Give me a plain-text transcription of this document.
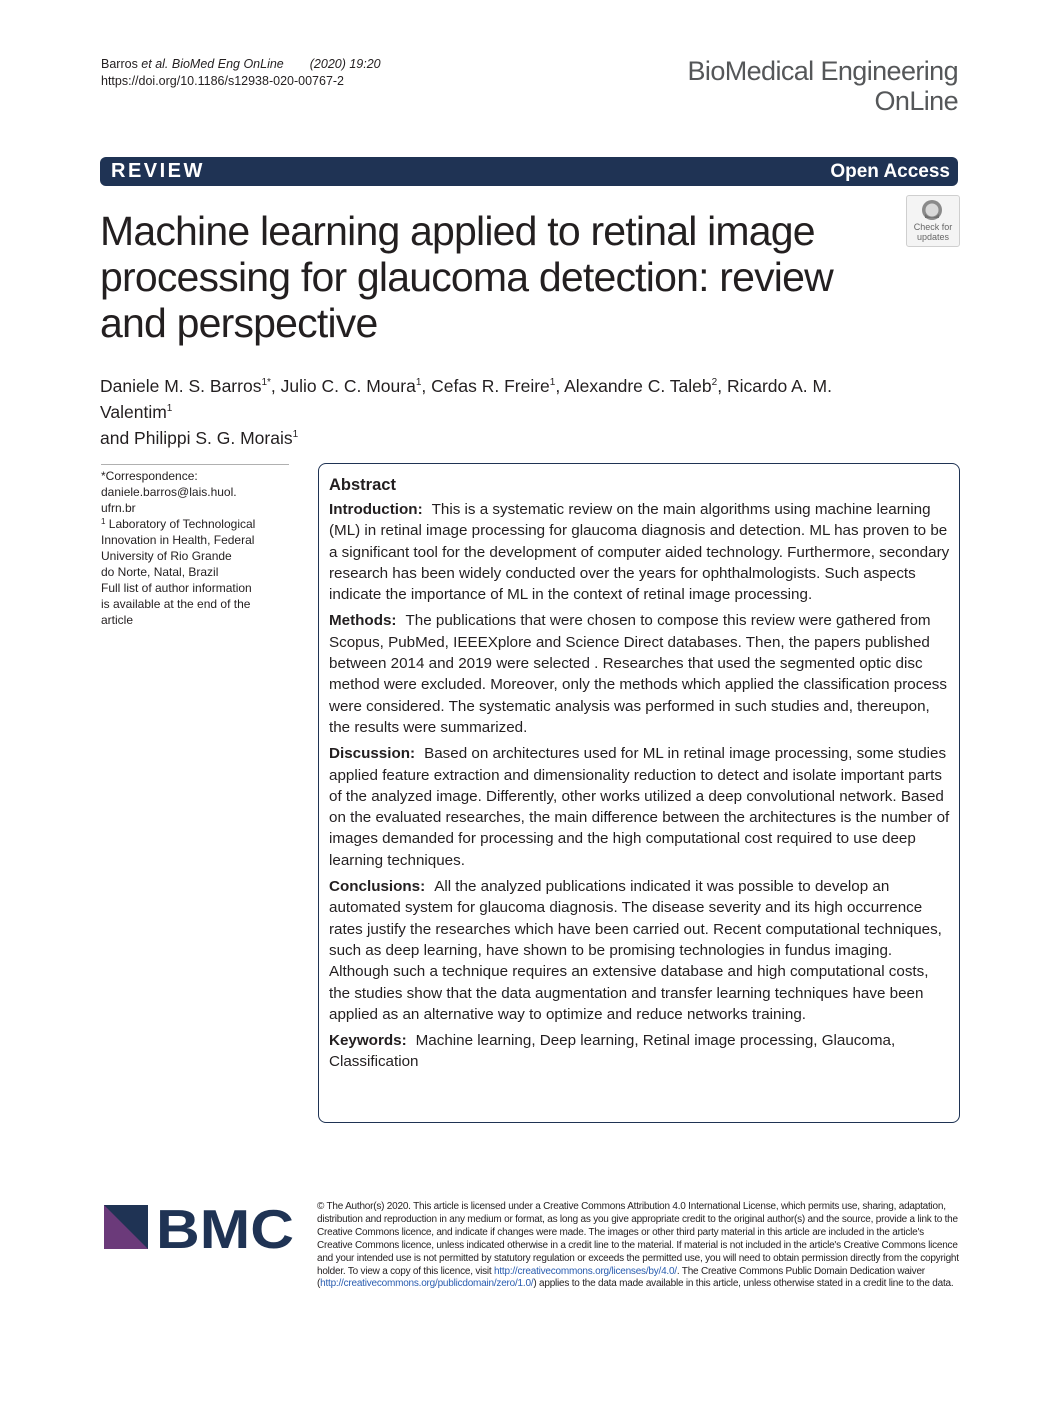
Barros et al. BioMed Eng OnLine (2020) 19:20
https://doi.org/10.1186/s12938-020-00767-2	BioMedical Engineering
OnLine
REVIEW	Open Access
Machine learning applied to retinal image processing for glaucoma detection: review and perspective
Check for
updates
Daniele M. S. Barros$^{1*}$, Julio C. C. Moura$^1$, Cefas R. Freire$^1$, Alexandre C. Taleb$^2$, Ricardo A. M. Valentim$^1$
and Philippi S. G. Morais$^1$
*Correspondence:
daniele.barros@lais.huol.
ufrn.br
$^1$ Laboratory of Technological
Innovation in Health, Federal
University of Rio Grande
do Norte, Natal, Brazil
Full list of author information
is available at the end of the
article
Abstract
Introduction: This is a systematic review on the main algorithms using machine learning (ML) in retinal image processing for glaucoma diagnosis and detection. ML has proven to be a significant tool for the development of computer aided technology. Furthermore, secondary research has been widely conducted over the years for ophthalmologists. Such aspects indicate the importance of ML in the context of retinal image processing.
Methods: The publications that were chosen to compose this review were gathered from Scopus, PubMed, IEEEXplore and Science Direct databases. Then, the papers published between 2014 and 2019 were selected . Researches that used the segmented optic disc method were excluded. Moreover, only the methods which applied the classification process were considered. The systematic analysis was performed in such studies and, thereupon, the results were summarized.
Discussion: Based on architectures used for ML in retinal image processing, some studies applied feature extraction and dimensionality reduction to detect and isolate important parts of the analyzed image. Differently, other works utilized a deep convolutional network. Based on the evaluated researches, the main difference between the architectures is the number of images demanded for processing and the high computational cost required to use deep learning techniques.
Conclusions: All the analyzed publications indicated it was possible to develop an automated system for glaucoma diagnosis. The disease severity and its high occurrence rates justify the researches which have been carried out. Recent computational techniques, such as deep learning, have shown to be promising technologies in fundus imaging. Although such a technique requires an extensive database and high computational costs, the studies show that the data augmentation and transfer learning techniques have been applied as an alternative way to optimize and reduce networks training.
Keywords: Machine learning, Deep learning, Retinal image processing, Glaucoma, Classification
BMC © The Author(s) 2020. This article is licensed under a Creative Commons Attribution 4.0 International License, which permits use, sharing, adaptation, distribution and reproduction in any medium or format, as long as you give appropriate credit to the original author(s) and the source, provide a link to the Creative Commons licence, and indicate if changes were made. The images or other third party material in this article are included in the article's Creative Commons licence, unless indicated otherwise in a credit line to the material. If material is not included in the article's Creative Commons licence and your intended use is not permitted by statutory regulation or exceeds the permitted use, you will need to obtain permission directly from the copyright holder. To view a copy of this licence, visit http://creativecommons.org/licenses/by/4.0/. The Creative Commons Public Domain Dedication waiver (http://creativecommons.org/publicdomain/zero/1.0/) applies to the data made available in this article, unless otherwise stated in a credit line to the data.
